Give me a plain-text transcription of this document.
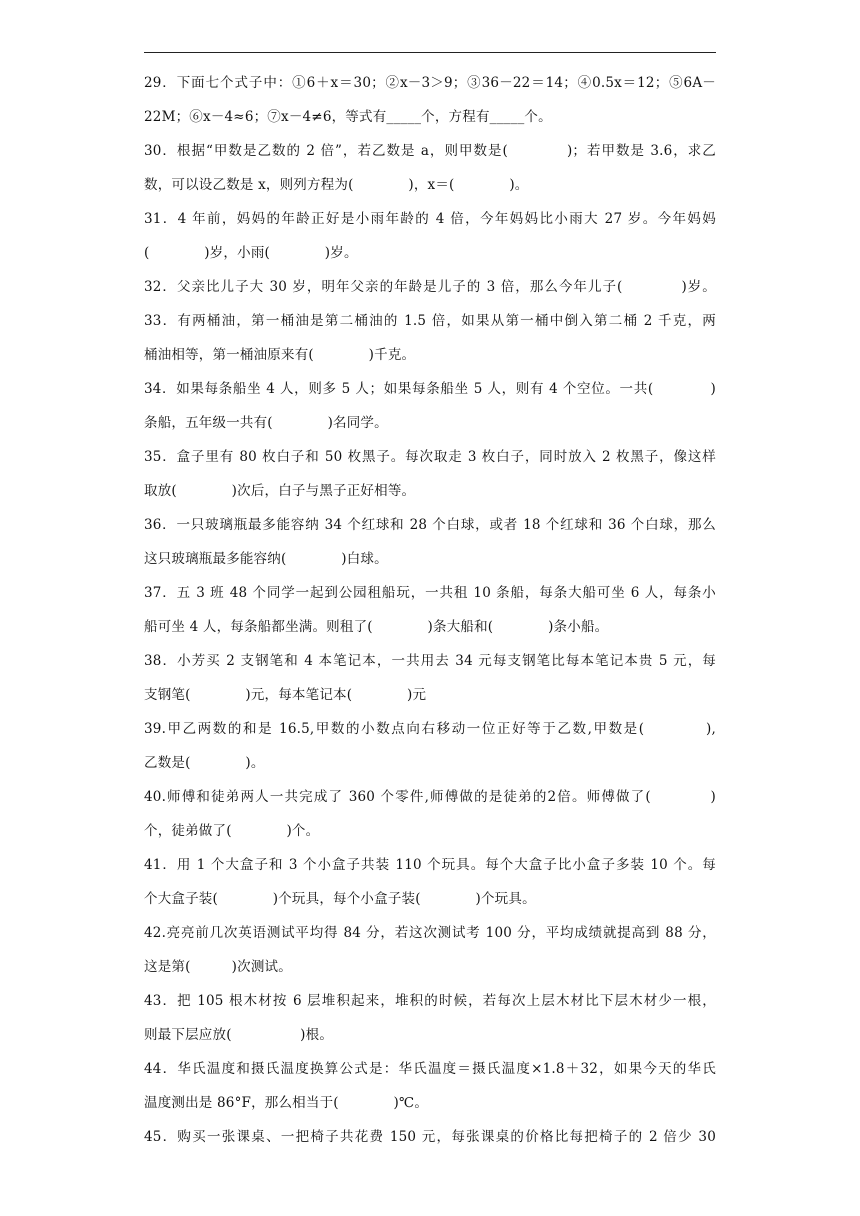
29．下面七个式子中：①6＋x＝30；②x－3＞9；③36－22＝14；④0.5x＝12；⑤6A－
22M；⑥x－4≈6；⑦x－4≠6，等式有_____个，方程有_____个。
30．根据“甲数是乙数的 2 倍”，若乙数是 a，则甲数是(　　　　)；若甲数是 3.6，求乙
数，可以设乙数是 x，则列方程为(　　　　)，x＝(　　　　)。
31．4 年前，妈妈的年龄正好是小雨年龄的 4 倍，今年妈妈比小雨大 27 岁。今年妈妈
(　　　　)岁，小雨(　　　　)岁。
32．父亲比儿子大 30 岁，明年父亲的年龄是儿子的 3 倍，那么今年儿子(　　　　)岁。
33．有两桶油，第一桶油是第二桶油的 1.5 倍，如果从第一桶中倒入第二桶 2 千克，两
桶油相等，第一桶油原来有(　　　　)千克。
34．如果每条船坐 4 人，则多 5 人；如果每条船坐 5 人，则有 4 个空位。一共(　　　　)
条船，五年级一共有(　　　　)名同学。
35．盒子里有 80 枚白子和 50 枚黑子。每次取走 3 枚白子，同时放入 2 枚黑子，像这样
取放(　　　　)次后，白子与黑子正好相等。
36．一只玻璃瓶最多能容纳 34 个红球和 28 个白球，或者 18 个红球和 36 个白球，那么
这只玻璃瓶最多能容纳(　　　　)白球。
37．五 3 班 48 个同学一起到公园租船玩，一共租 10 条船，每条大船可坐 6 人，每条小
船可坐 4 人，每条船都坐满。则租了(　　　　)条大船和(　　　　)条小船。
38．小芳买 2 支钢笔和 4 本笔记本，一共用去 34 元每支钢笔比每本笔记本贵 5 元，每
支钢笔(　　　　)元，每本笔记本(　　　　)元
39.甲乙两数的和是 16.5,甲数的小数点向右移动一位正好等于乙数,甲数是(　　　　),
乙数是(　　　　)。
40.师傅和徒弟两人一共完成了 360 个零件,师傅做的是徒弟的2倍。师傅做了(　　　　)
个，徒弟做了(　　　　)个。
41．用 1 个大盒子和 3 个小盒子共装 110 个玩具。每个大盒子比小盒子多装 10 个。每
个大盒子装(　　　　)个玩具，每个小盒子装(　　　　)个玩具。
42.亮亮前几次英语测试平均得 84 分，若这次测试考 100 分，平均成绩就提高到 88 分，
这是第(　　　)次测试。
43．把 105 根木材按 6 层堆积起来，堆积的时候，若每次上层木材比下层木材少一根，
则最下层应放(　　　　　)根。
44．华氏温度和摄氏温度换算公式是：华氏温度＝摄氏温度×1.8＋32，如果今天的华氏
温度测出是 86°F，那么相当于(　　　　)℃。
45．购买一张课桌、一把椅子共花费 150 元，每张课桌的价格比每把椅子的 2 倍少 30
